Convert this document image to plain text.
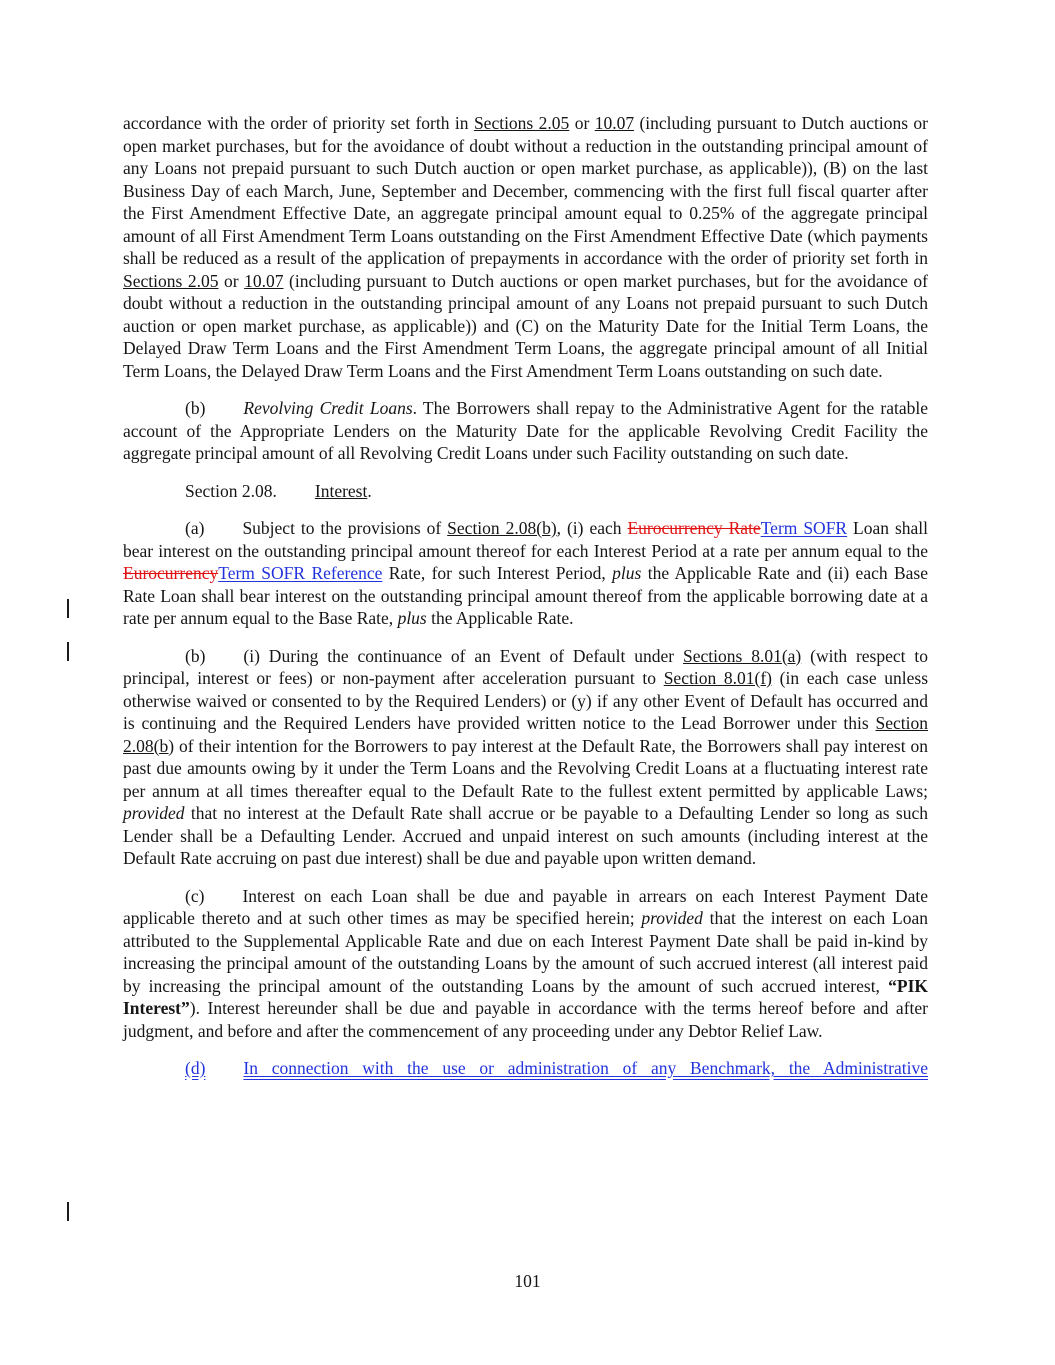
accordance with the order of priority set forth in Sections 2.05 or 10.07 (including pursuant to Dutch auctions or open market purchases, but for the avoidance of doubt without a reduction in the outstanding principal amount of any Loans not prepaid pursuant to such Dutch auction or open market purchase, as applicable)), (B) on the last Business Day of each March, June, September and December, commencing with the first full fiscal quarter after the First Amendment Effective Date, an aggregate principal amount equal to 0.25% of the aggregate principal amount of all First Amendment Term Loans outstanding on the First Amendment Effective Date (which payments shall be reduced as a result of the application of prepayments in accordance with the order of priority set forth in Sections 2.05 or 10.07 (including pursuant to Dutch auctions or open market purchases, but for the avoidance of doubt without a reduction in the outstanding principal amount of any Loans not prepaid pursuant to such Dutch auction or open market purchase, as applicable)) and (C) on the Maturity Date for the Initial Term Loans, the Delayed Draw Term Loans and the First Amendment Term Loans, the aggregate principal amount of all Initial Term Loans, the Delayed Draw Term Loans and the First Amendment Term Loans outstanding on such date.

(b) Revolving Credit Loans. The Borrowers shall repay to the Administrative Agent for the ratable account of the Appropriate Lenders on the Maturity Date for the applicable Revolving Credit Facility the aggregate principal amount of all Revolving Credit Loans under such Facility outstanding on such date.

Section 2.08. Interest.

(a) Subject to the provisions of Section 2.08(b), (i) each Eurocurrency RateTerm SOFR Loan shall bear interest on the outstanding principal amount thereof for each Interest Period at a rate per annum equal to the EurocurrencyTerm SOFR Reference Rate, for such Interest Period, plus the Applicable Rate and (ii) each Base Rate Loan shall bear interest on the outstanding principal amount thereof from the applicable borrowing date at a rate per annum equal to the Base Rate, plus the Applicable Rate.

(b) (i) During the continuance of an Event of Default under Sections 8.01(a) (with respect to principal, interest or fees) or non-payment after acceleration pursuant to Section 8.01(f) (in each case unless otherwise waived or consented to by the Required Lenders) or (y) if any other Event of Default has occurred and is continuing and the Required Lenders have provided written notice to the Lead Borrower under this Section 2.08(b) of their intention for the Borrowers to pay interest at the Default Rate, the Borrowers shall pay interest on past due amounts owing by it under the Term Loans and the Revolving Credit Loans at a fluctuating interest rate per annum at all times thereafter equal to the Default Rate to the fullest extent permitted by applicable Laws; provided that no interest at the Default Rate shall accrue or be payable to a Defaulting Lender so long as such Lender shall be a Defaulting Lender. Accrued and unpaid interest on such amounts (including interest at the Default Rate accruing on past due interest) shall be due and payable upon written demand.

(c) Interest on each Loan shall be due and payable in arrears on each Interest Payment Date applicable thereto and at such other times as may be specified herein; provided that the interest on each Loan attributed to the Supplemental Applicable Rate and due on each Interest Payment Date shall be paid in-kind by increasing the principal amount of the outstanding Loans by the amount of such accrued interest (all interest paid by increasing the principal amount of the outstanding Loans by the amount of such accrued interest, “PIK Interest”). Interest hereunder shall be due and payable in accordance with the terms hereof before and after judgment, and before and after the commencement of any proceeding under any Debtor Relief Law.

(d) In connection with the use or administration of any Benchmark, the Administrative

101
